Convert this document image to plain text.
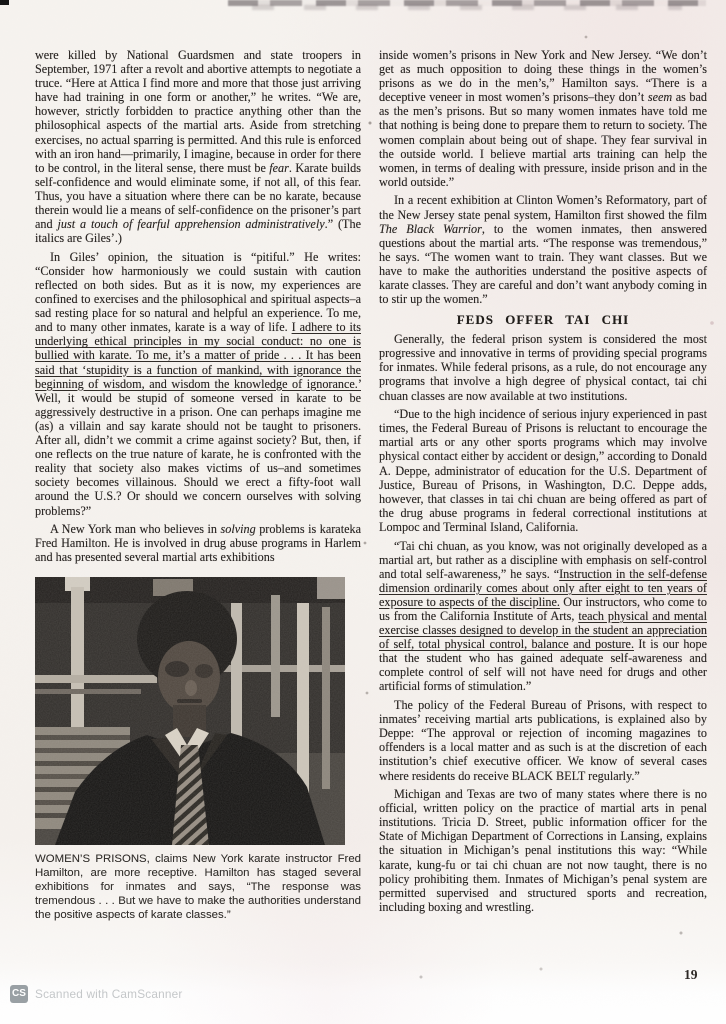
were killed by National Guardsmen and state troopers in September, 1971 after a revolt and abortive attempts to negotiate a truce. “Here at Attica I find more and more that those just arriving have had training in one form or another,” he writes. “We are, however, strictly forbidden to practice anything other than the philosophical aspects of the martial arts. Aside from stretching exercises, no actual sparring is permitted. And this rule is enforced with an iron hand—primarily, I imagine, because in order for there to be control, in the literal sense, there must be fear. Karate builds self-confidence and would eliminate some, if not all, of this fear. Thus, you have a situation where there can be no karate, because therein would lie a means of self-confidence on the prisoner’s part and just a touch of fearful apprehension administratively.” (The italics are Giles’.)

In Giles’ opinion, the situation is “pitiful.” He writes: “Consider how harmoniously we could sustain with caution reflected on both sides. But as it is now, my experiences are confined to exercises and the philosophical and spiritual aspects–a sad resting place for so natural and helpful an experience. To me, and to many other inmates, karate is a way of life. I adhere to its underlying ethical principles in my social conduct: no one is bullied with karate. To me, it’s a matter of pride . . . It has been said that ‘stupidity is a function of mankind, with ignorance the beginning of wisdom, and wisdom the knowledge of ignorance.’ Well, it would be stupid of someone versed in karate to be aggressively destructive in a prison. One can perhaps imagine me (as) a villain and say karate should not be taught to prisoners. After all, didn’t we commit a crime against society? But, then, if one reflects on the true nature of karate, he is confronted with the reality that society also makes victims of us–and sometimes society becomes villainous. Should we erect a fifty-foot wall around the U.S.? Or should we concern ourselves with solving problems?”

A New York man who believes in solving problems is karateka Fred Hamilton. He is involved in drug abuse programs in Harlem and has presented several martial arts exhibitions

WOMEN’S PRISONS, claims New York karate instructor Fred Hamilton, are more receptive. Hamilton has staged several exhibitions for inmates and says, “The response was tremendous . . . But we have to make the authorities understand the positive aspects of karate classes.”

inside women’s prisons in New York and New Jersey. “We don’t get as much opposition to doing these things in the women’s prisons as we do in the men’s,” Hamilton says. “There is a deceptive veneer in most women’s prisons–they don’t seem as bad as the men’s prisons. But so many women inmates have told me that nothing is being done to prepare them to return to society. The women complain about being out of shape. They fear survival in the outside world. I believe martial arts training can help the women, in terms of dealing with pressure, inside prison and in the world outside.”

In a recent exhibition at Clinton Women’s Reformatory, part of the New Jersey state penal system, Hamilton first showed the film The Black Warrior, to the women inmates, then answered questions about the martial arts. “The response was tremendous,” he says. “The women want to train. They want classes. But we have to make the authorities understand the positive aspects of karate classes. They are careful and don’t want anybody coming in to stir up the women.”

FEDS OFFER TAI CHI

Generally, the federal prison system is considered the most progressive and innovative in terms of providing special programs for inmates. While federal prisons, as a rule, do not encourage any programs that involve a high degree of physical contact, tai chi chuan classes are now available at two institutions.

“Due to the high incidence of serious injury experienced in past times, the Federal Bureau of Prisons is reluctant to encourage the martial arts or any other sports programs which may involve physical contact either by accident or design,” according to Donald A. Deppe, administrator of education for the U.S. Department of Justice, Bureau of Prisons, in Washington, D.C. Deppe adds, however, that classes in tai chi chuan are being offered as part of the drug abuse programs in federal correctional institutions at Lompoc and Terminal Island, California.

“Tai chi chuan, as you know, was not originally developed as a martial art, but rather as a discipline with emphasis on self-control and total self-awareness,” he says. “Instruction in the self-defense dimension ordinarily comes about only after eight to ten years of exposure to aspects of the discipline. Our instructors, who come to us from the California Institute of Arts, teach physical and mental exercise classes designed to develop in the student an appreciation of self, total physical control, balance and posture. It is our hope that the student who has gained adequate self-awareness and complete control of self will not have need for drugs and other artificial forms of stimulation.”

The policy of the Federal Bureau of Prisons, with respect to inmates’ receiving martial arts publications, is explained also by Deppe: “The approval or rejection of incoming magazines to offenders is a local matter and as such is at the discretion of each institution’s chief executive officer. We know of several cases where residents do receive BLACK BELT regularly.”

Michigan and Texas are two of many states where there is no official, written policy on the practice of martial arts in penal institutions. Tricia D. Street, public information officer for the State of Michigan Department of Corrections in Lansing, explains the situation in Michigan’s penal institutions this way: “While karate, kung-fu or tai chi chuan are not now taught, there is no policy prohibiting them. Inmates of Michigan’s penal system are permitted supervised and structured sports and recreation, including boxing and wrestling.

19
CS Scanned with CamScanner
